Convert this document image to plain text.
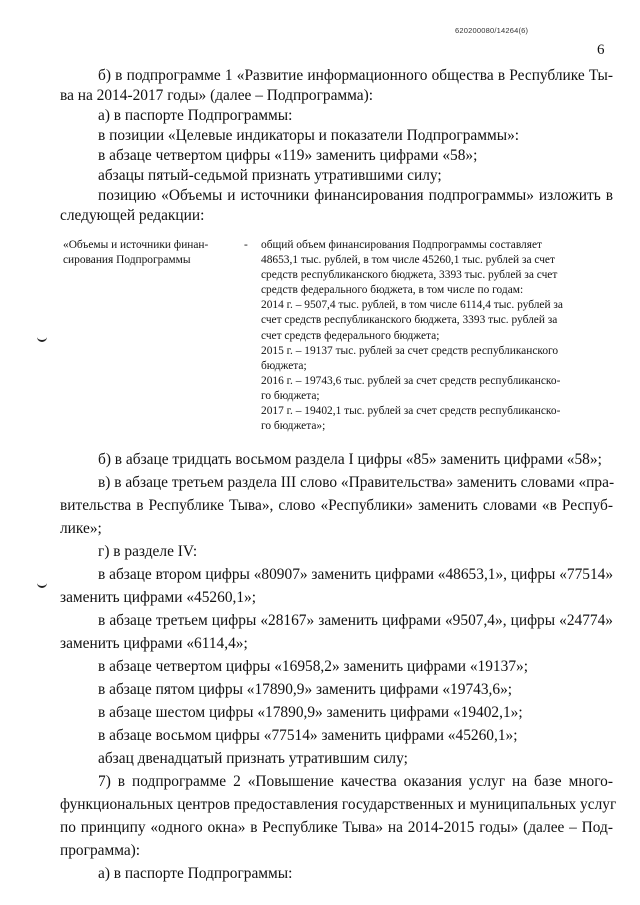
620200080/14264(6)
6
б) в подпрограмме 1 «Развитие информационного общества в Республике Ты-
ва на 2014-2017 годы» (далее – Подпрограмма):
а) в паспорте Подпрограммы:
в позиции «Целевые индикаторы и показатели Подпрограммы»:
в абзаце четвертом цифры «119» заменить цифрами «58»;
абзацы пятый-седьмой признать утратившими силу;
позицию «Объемы и источники финансирования подпрограммы» изложить в
следующей редакции:
«Объемы и источники финан-
сирования Подпрограммы
- общий объем финансирования Подпрограммы составляет
48653,1 тыс. рублей, в том числе 45260,1 тыс. рублей за счет
средств республиканского бюджета, 3393 тыс. рублей за счет
средств федерального бюджета, в том числе по годам:
2014 г. – 9507,4 тыс. рублей, в том числе 6114,4 тыс. рублей за
счет средств республиканского бюджета, 3393 тыс. рублей за
счет средств федерального бюджета;
2015 г. – 19137 тыс. рублей за счет средств республиканского
бюджета;
2016 г. – 19743,6 тыс. рублей за счет средств республиканско-
го бюджета;
2017 г. – 19402,1 тыс. рублей за счет средств республиканско-
го бюджета»;
б) в абзаце тридцать восьмом раздела I цифры «85» заменить цифрами «58»;
в) в абзаце третьем раздела III слово «Правительства» заменить словами «пра-
вительства в Республике Тыва», слово «Республики» заменить словами «в Респуб-
лике»;
г) в разделе IV:
в абзаце втором цифры «80907» заменить цифрами «48653,1», цифры «77514»
заменить цифрами «45260,1»;
в абзаце третьем цифры «28167» заменить цифрами «9507,4», цифры «24774»
заменить цифрами «6114,4»;
в абзаце четвертом цифры «16958,2» заменить цифрами «19137»;
в абзаце пятом цифры «17890,9» заменить цифрами «19743,6»;
в абзаце шестом цифры «17890,9» заменить цифрами «19402,1»;
в абзаце восьмом цифры «77514» заменить цифрами «45260,1»;
абзац двенадцатый признать утратившим силу;
7) в подпрограмме 2 «Повышение качества оказания услуг на базе много-
функциональных центров предоставления государственных и муниципальных услуг
по принципу «одного окна» в Республике Тыва» на 2014-2015 годы» (далее – Под-
программа):
а) в паспорте Подпрограммы:
